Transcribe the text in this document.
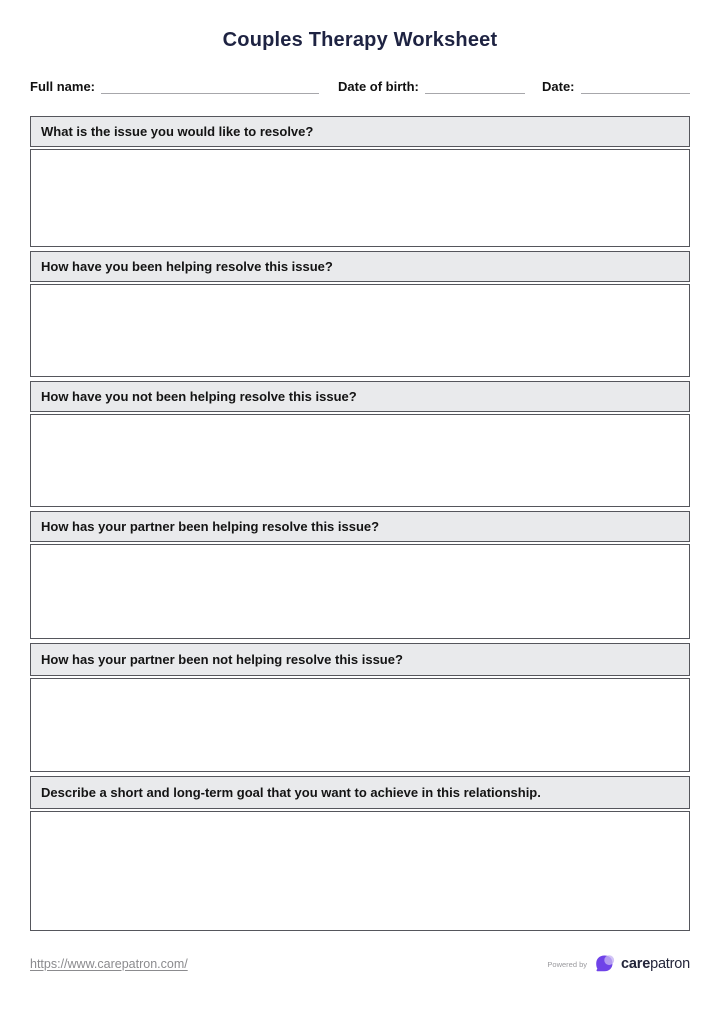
Couples Therapy Worksheet
Full name:	Date of birth:	Date:
What is the issue you would like to resolve?
How have you been helping resolve this issue?
How have you not been helping resolve this issue?
How has your partner been helping resolve this issue?
How has your partner been not helping resolve this issue?
Describe a short and long-term goal that you want to achieve in this relationship.
https://www.carepatron.com/	Powered by carepatron
